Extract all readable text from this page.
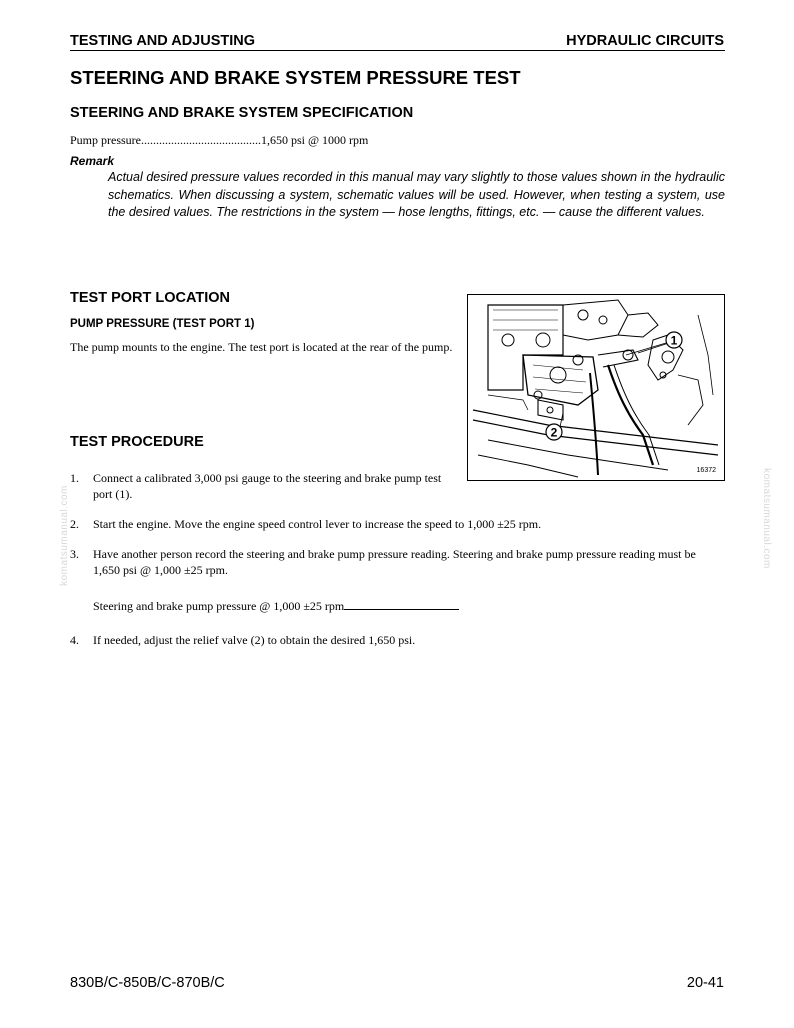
TESTING AND ADJUSTING	HYDRAULIC CIRCUITS
STEERING AND BRAKE SYSTEM PRESSURE TEST
STEERING AND BRAKE SYSTEM SPECIFICATION
Pump pressure........................................1,650 psi @ 1000 rpm
Remark
Actual desired pressure values recorded in this manual may vary slightly to those values shown in the hydraulic schematics. When discussing a system, schematic values will be used. However, when testing a system, use the desired values. The restrictions in the system — hose lengths, fittings, etc. — cause the different values.
TEST PORT LOCATION
PUMP PRESSURE (TEST PORT 1)
The pump mounts to the engine. The test port is located at the rear of the pump.	1
2
16372
TEST PROCEDURE
1. Connect a calibrated 3,000 psi gauge to the steering and brake pump test port (1).
2. Start the engine. Move the engine speed control lever to increase the speed to 1,000 ±25 rpm.
3. Have another person record the steering and brake pump pressure reading. Steering and brake pump pressure reading must be 1,650 psi @ 1,000 ±25 rpm.
Steering and brake pump pressure @ 1,000 ±25 rpm
4. If needed, adjust the relief valve (2) to obtain the desired 1,650 psi.
komatsumanual.com	komatsumanual.com
830B/C-850B/C-870B/C	20-41
